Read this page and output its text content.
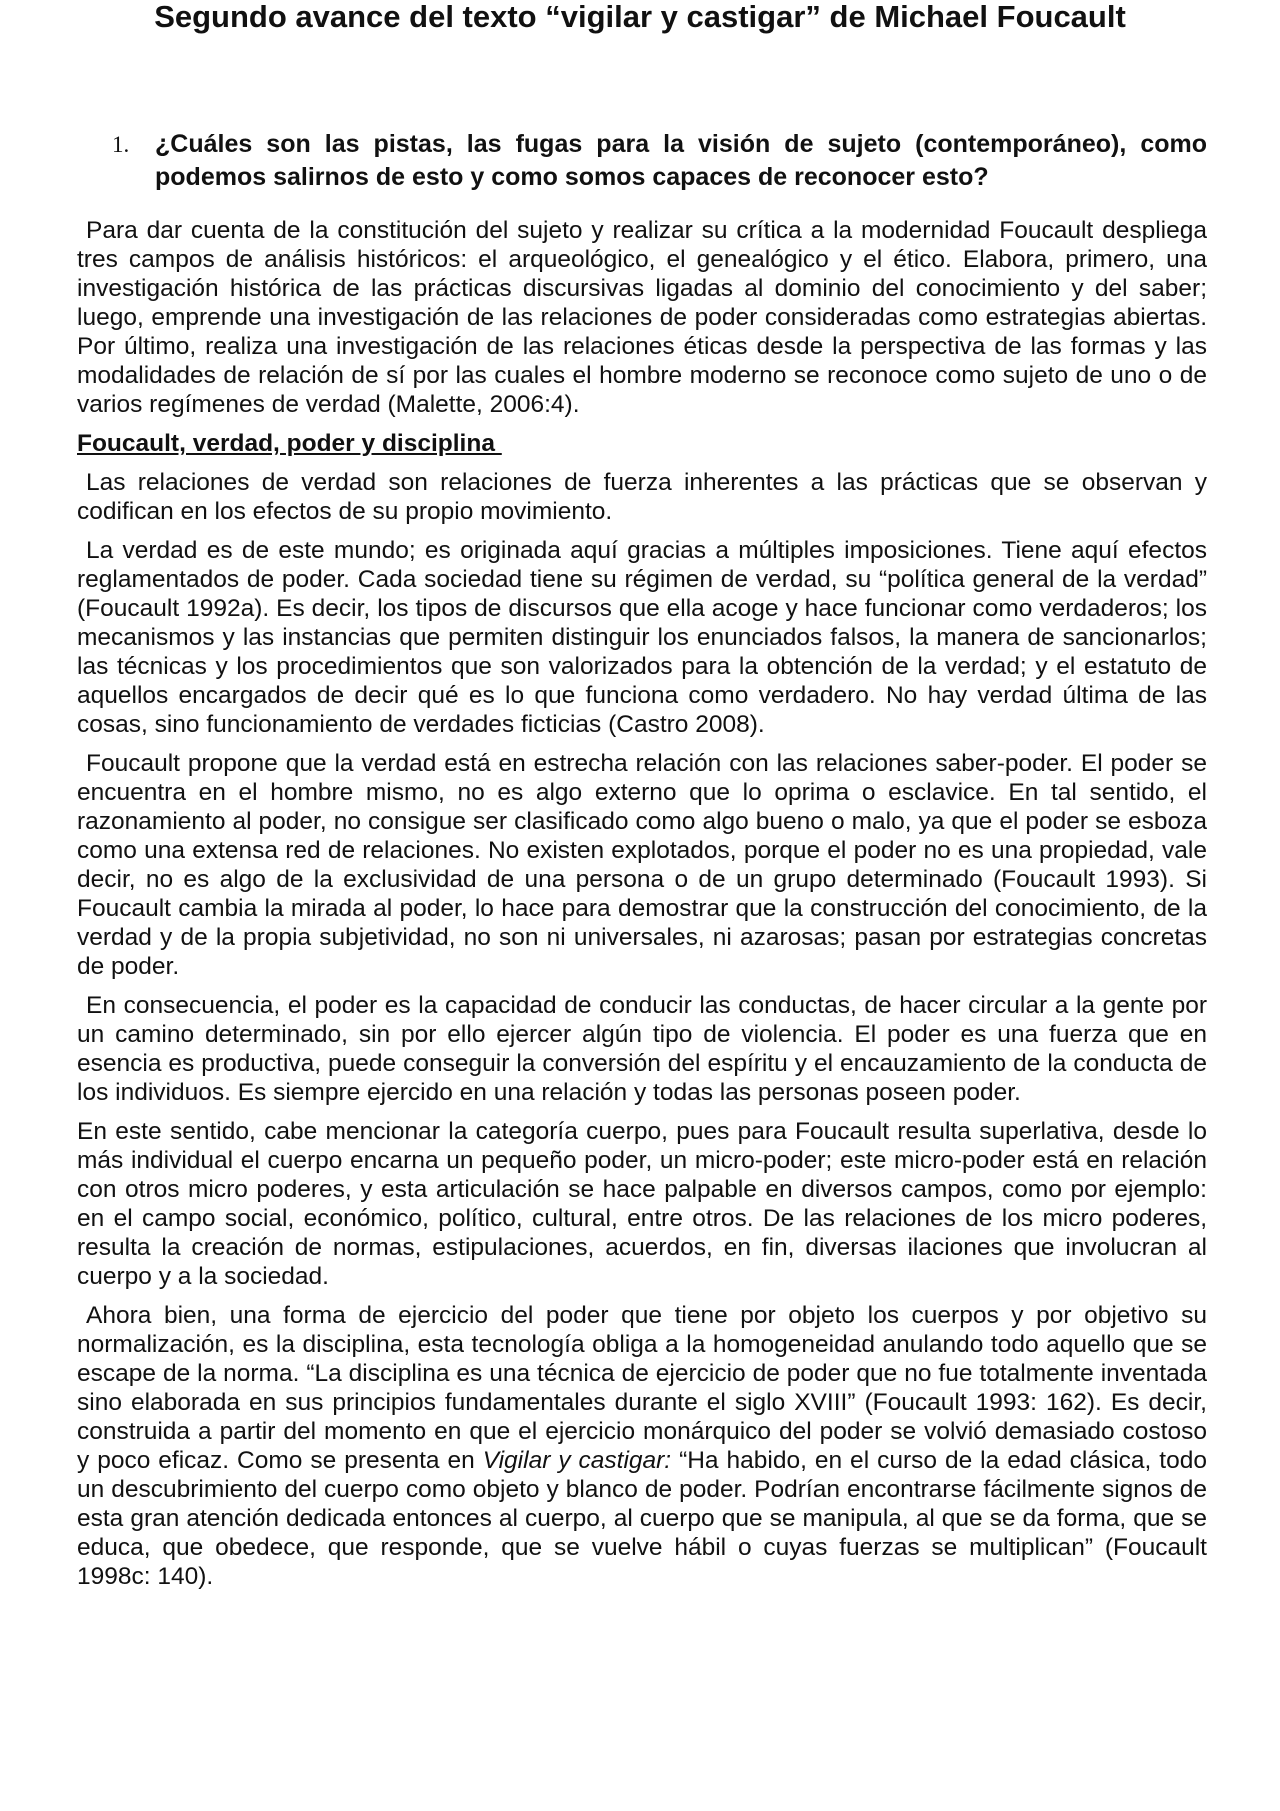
Segundo avance del texto “vigilar y castigar” de Michael Foucault
1.	¿Cuáles son las pistas, las fugas para la visión de sujeto (contemporáneo), como podemos salirnos de esto y como somos capaces de reconocer esto?

Para dar cuenta de la constitución del sujeto y realizar su crítica a la modernidad Foucault despliega tres campos de análisis históricos: el arqueológico, el genealógico y el ético. Elabora, primero, una investigación histórica de las prácticas discursivas ligadas al dominio del conocimiento y del saber; luego, emprende una investigación de las relaciones de poder consideradas como estrategias abiertas. Por último, realiza una investigación de las relaciones éticas desde la perspectiva de las formas y las modalidades de relación de sí por las cuales el hombre moderno se reconoce como sujeto de uno o de varios regímenes de verdad (Malette, 2006:4).

Foucault, verdad, poder y disciplina

Las relaciones de verdad son relaciones de fuerza inherentes a las prácticas que se observan y codifican en los efectos de su propio movimiento.

La verdad es de este mundo; es originada aquí gracias a múltiples imposiciones. Tiene aquí efectos reglamentados de poder. Cada sociedad tiene su régimen de verdad, su “política general de la verdad” (Foucault 1992a). Es decir, los tipos de discursos que ella acoge y hace funcionar como verdaderos; los mecanismos y las instancias que permiten distinguir los enunciados falsos, la manera de sancionarlos; las técnicas y los procedimientos que son valorizados para la obtención de la verdad; y el estatuto de aquellos encargados de decir qué es lo que funciona como verdadero. No hay verdad última de las cosas, sino funcionamiento de verdades ficticias (Castro 2008).

Foucault propone que la verdad está en estrecha relación con las relaciones saber-poder. El poder se encuentra en el hombre mismo, no es algo externo que lo oprima o esclavice. En tal sentido, el razonamiento al poder, no consigue ser clasificado como algo bueno o malo, ya que el poder se esboza como una extensa red de relaciones. No existen explotados, porque el poder no es una propiedad, vale decir, no es algo de la exclusividad de una persona o de un grupo determinado (Foucault 1993). Si Foucault cambia la mirada al poder, lo hace para demostrar que la construcción del conocimiento, de la verdad y de la propia subjetividad, no son ni universales, ni azarosas; pasan por estrategias concretas de poder.

En consecuencia, el poder es la capacidad de conducir las conductas, de hacer circular a la gente por un camino determinado, sin por ello ejercer algún tipo de violencia. El poder es una fuerza que en esencia es productiva, puede conseguir la conversión del espíritu y el encauzamiento de la conducta de los individuos. Es siempre ejercido en una relación y todas las personas poseen poder.

En este sentido, cabe mencionar la categoría cuerpo, pues para Foucault resulta superlativa, desde lo más individual el cuerpo encarna un pequeño poder, un micro-poder; este micro-poder está en relación con otros micro poderes, y esta articulación se hace palpable en diversos campos, como por ejemplo: en el campo social, económico, político, cultural, entre otros. De las relaciones de los micro poderes, resulta la creación de normas, estipulaciones, acuerdos, en fin, diversas ilaciones que involucran al cuerpo y a la sociedad.

Ahora bien, una forma de ejercicio del poder que tiene por objeto los cuerpos y por objetivo su normalización, es la disciplina, esta tecnología obliga a la homogeneidad anulando todo aquello que se escape de la norma. “La disciplina es una técnica de ejercicio de poder que no fue totalmente inventada sino elaborada en sus principios fundamentales durante el siglo XVIII” (Foucault 1993: 162). Es decir, construida a partir del momento en que el ejercicio monárquico del poder se volvió demasiado costoso y poco eficaz. Como se presenta en Vigilar y castigar: “Ha habido, en el curso de la edad clásica, todo un descubrimiento del cuerpo como objeto y blanco de poder. Podrían encontrarse fácilmente signos de esta gran atención dedicada entonces al cuerpo, al cuerpo que se manipula, al que se da forma, que se educa, que obedece, que responde, que se vuelve hábil o cuyas fuerzas se multiplican” (Foucault 1998c: 140).
